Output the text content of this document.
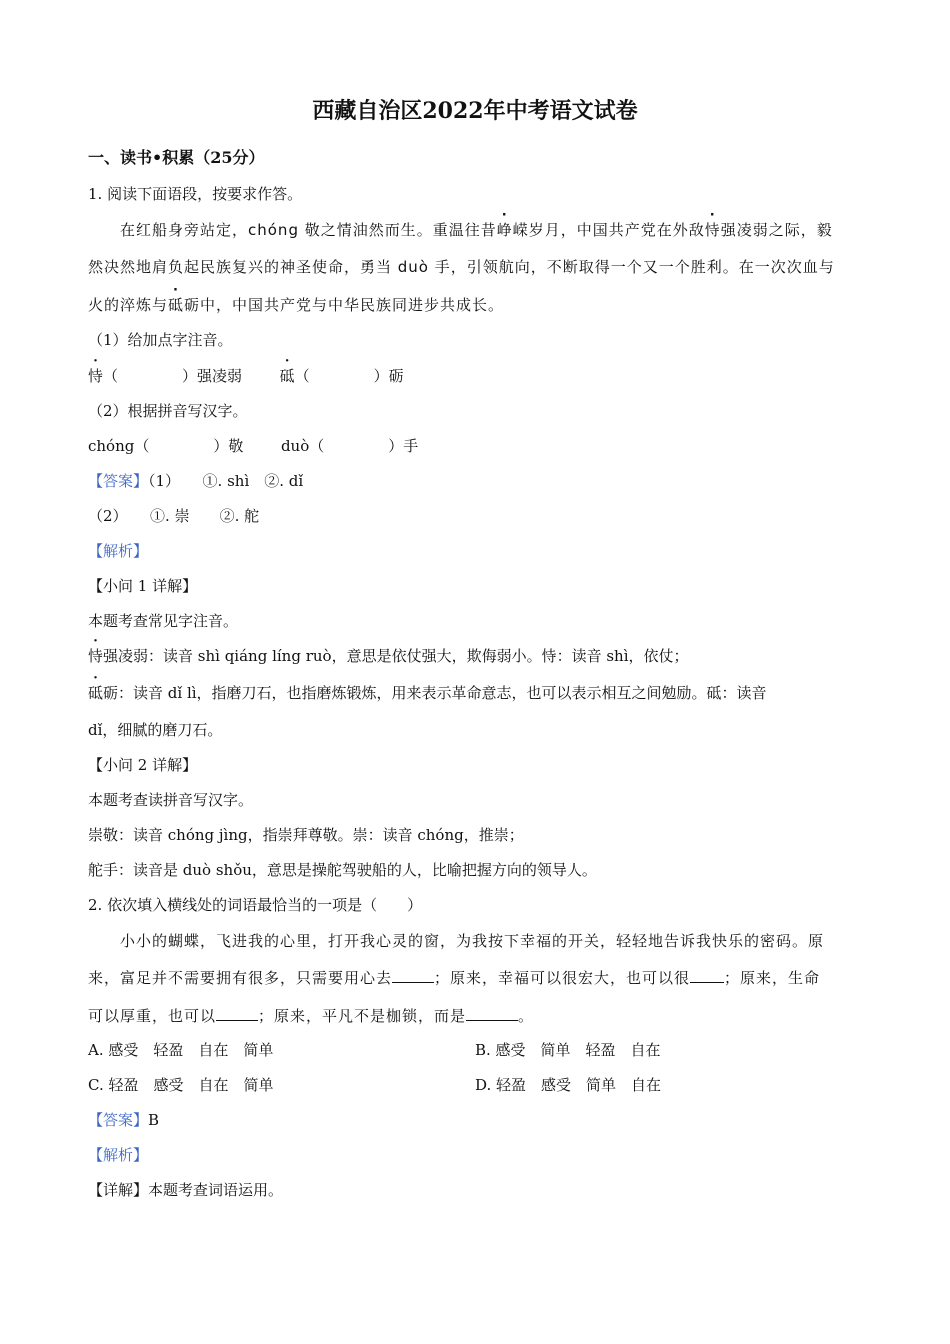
西藏自治区2022年中考语文试卷
一、读书•积累（25分）
1. 阅读下面语段，按要求作答。
在红船身旁站定，chóng 敬之情油然而生。重温往昔峥嵘岁月，中国共产党在外敌恃强凌弱之际，毅
然决然地肩负起民族复兴的神圣使命，勇当 duò 手，引领航向，不断取得一个又一个胜利。在一次次血与
火的淬炼与砥砺中，中国共产党与中华民族同进步共成长。
（1）给加点字注音。
恃（	）强凌弱	砥（	）砺
（2）根据拼音写汉字。
chóng（	）敬	duò（	）手
【答案】（1）　　①. shì　②. dǐ
（2）　　①. 崇　　②. 舵
【解析】
【小问 1 详解】
本题考查常见字注音。
恃强凌弱：读音 shì qiáng líng ruò，意思是依仗强大，欺侮弱小。恃：读音 shì，依仗；
砥砺：读音 dǐ lì，指磨刀石，也指磨炼锻炼，用来表示革命意志，也可以表示相互之间勉励。砥：读音
dǐ，细腻的磨刀石。
【小问 2 详解】
本题考查读拼音写汉字。
崇敬：读音 chóng jìng，指崇拜尊敬。崇：读音 chóng，推崇；
舵手：读音是 duò shǒu，意思是操舵驾驶船的人，比喻把握方向的领导人。
2. 依次填入横线处的词语最恰当的一项是（　　）
小小的蝴蝶，飞进我的心里，打开我心灵的窗，为我按下幸福的开关，轻轻地告诉我快乐的密码。原
来，富足并不需要拥有很多，只需要用心去	；原来，幸福可以很宏大，也可以很 ；原来，生命
可以厚重，也可以	；原来，平凡不是枷锁，而是	。
A. 感受　轻盈　自在　简单	B. 感受　简单　轻盈　自在
C. 轻盈　感受　自在　简单	D. 轻盈　感受　简单　自在
【答案】B
【解析】
【详解】本题考查词语运用。
